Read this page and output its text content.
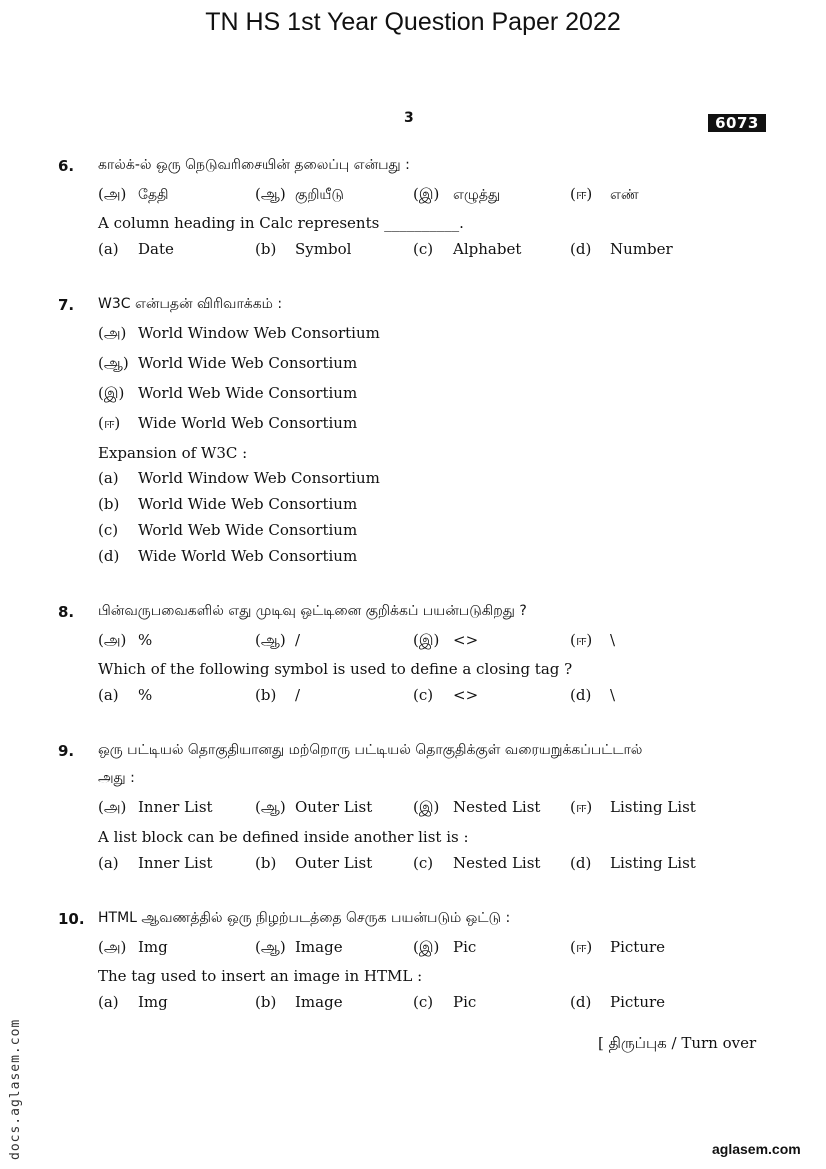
TN HS 1st Year Question Paper 2022
3	6073
6. கால்க்-ல் ஒரு நெடுவரிசையின் தலைப்பு என்பது :
(அ) தேதி	(ஆ) குறியீடு	(இ) எழுத்து	(ஈ) எண்
A column heading in Calc represents __________.
(a) Date	(b) Symbol	(c) Alphabet	(d) Number
7. W3C என்பதன் விரிவாக்கம் :
(அ) World Window Web Consortium
(ஆ) World Wide Web Consortium
(இ) World Web Wide Consortium
(ஈ) Wide World Web Consortium
Expansion of W3C :
(a) World Window Web Consortium
(b) World Wide Web Consortium
(c) World Web Wide Consortium
(d) Wide World Web Consortium
8. பின்வருபவைகளில் எது முடிவு ஒட்டினை குறிக்கப் பயன்படுகிறது ?
(அ) %	(ஆ) /	(இ) <>	(ஈ) \
Which of the following symbol is used to define a closing tag ?
(a) %	(b) /	(c) <>	(d) \
9. ஒரு பட்டியல் தொகுதியானது மற்றொரு பட்டியல் தொகுதிக்குள் வரையறுக்கப்பட்டால்
அது :
(அ) Inner List	(ஆ) Outer List	(இ) Nested List (ஈ) Listing List
A list block can be defined inside another list is :
(a) Inner List	(b) Outer List	(c) Nested List (d) Listing List
10. HTML ஆவணத்தில் ஒரு நிழற்படத்தை செருக பயன்படும் ஒட்டு :
(அ) Img	(ஆ) Image	(இ) Pic	(ஈ) Picture
The tag used to insert an image in HTML :
(a) Img	(b) Image	(c) Pic	(d) Picture
[ திருப்புக / Turn over
docs.aglasem.com	aglasem.com
